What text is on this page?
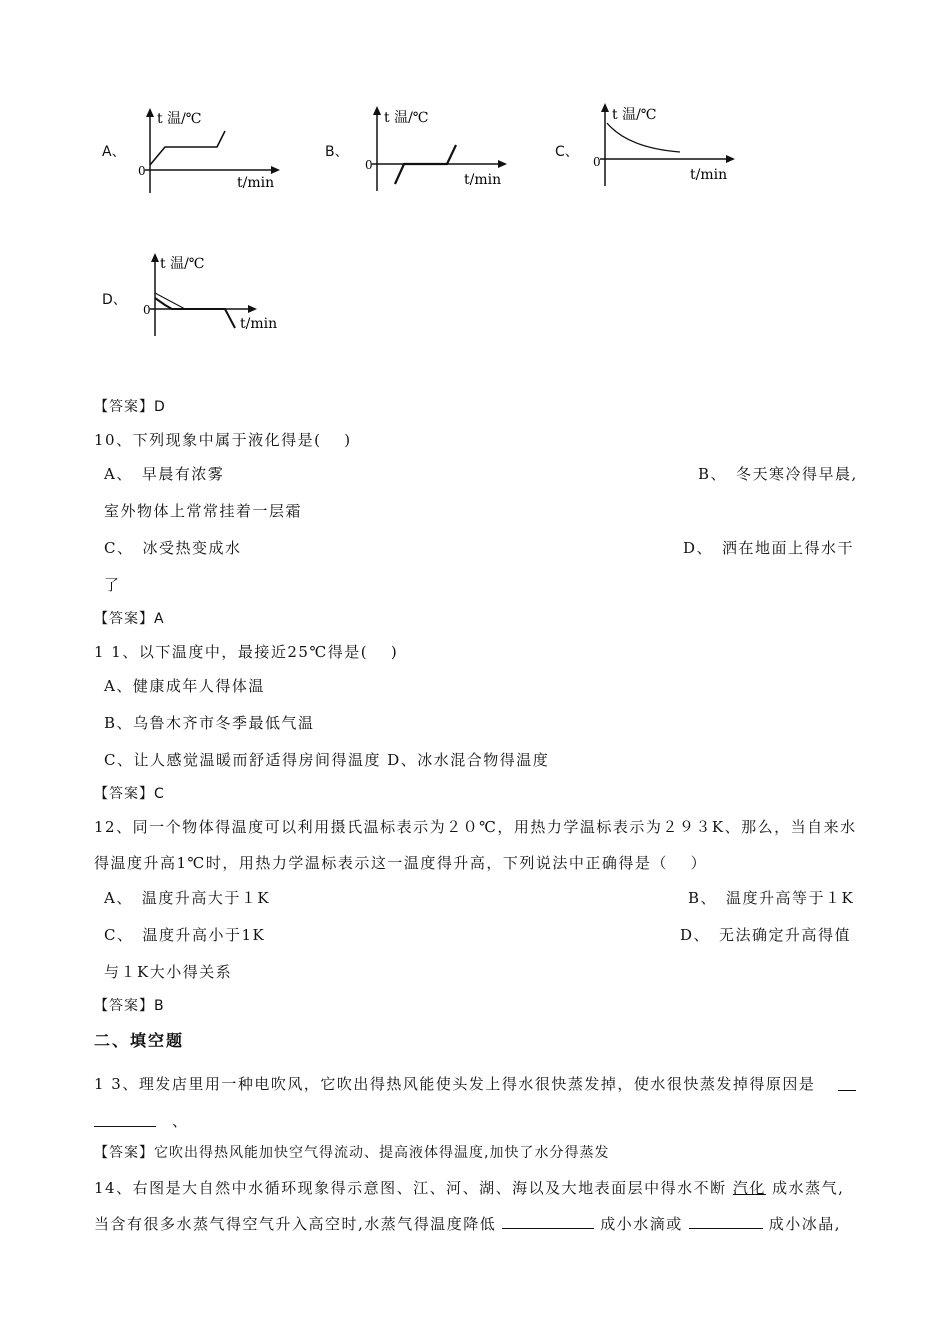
A、
t 温/℃
0
t/min
B、
t 温/℃
0
t/min
C、
t 温/℃
0
t/min
D、
t 温/℃
0
t/min
【答案】D
10、下列现象中属于液化得是(　 )
A、　早晨有浓雾	B、　冬天寒冷得早晨,
室外物体上常常挂着一层霜
C、　冰受热变成水	D、　洒在地面上得水干
了
【答案】A
1 1、以下温度中，最接近25℃得是(　 )
A、健康成年人得体温
B、乌鲁木齐市冬季最低气温
C、让人感觉温暖而舒适得房间得温度 D、冰水混合物得温度
【答案】C
12、同一个物体得温度可以利用摄氏温标表示为２０℃，用热力学温标表示为２９３K、那么，当自来水
得温度升高1℃时，用热力学温标表示这一温度得升高，下列说法中正确得是（　 ）
A、　温度升高大于１K	B、　温度升高等于１K
C、　温度升高小于1K	D、　无法确定升高得值
与１K大小得关系
【答案】B
二、填空题
1 3、理发店里用一种电吹风，它吹出得热风能使头发上得水很快蒸发掉，使水很快蒸发掉得原因是
、
【答案】它吹出得热风能加快空气得流动、提高液体得温度,加快了水分得蒸发
14、右图是大自然中水循环现象得示意图、江、河、湖、海以及大地表面层中得水不断 汽化 成水蒸气,
当含有很多水蒸气得空气升入高空时,水蒸气得温度降低	成小水滴或	成小冰晶,
